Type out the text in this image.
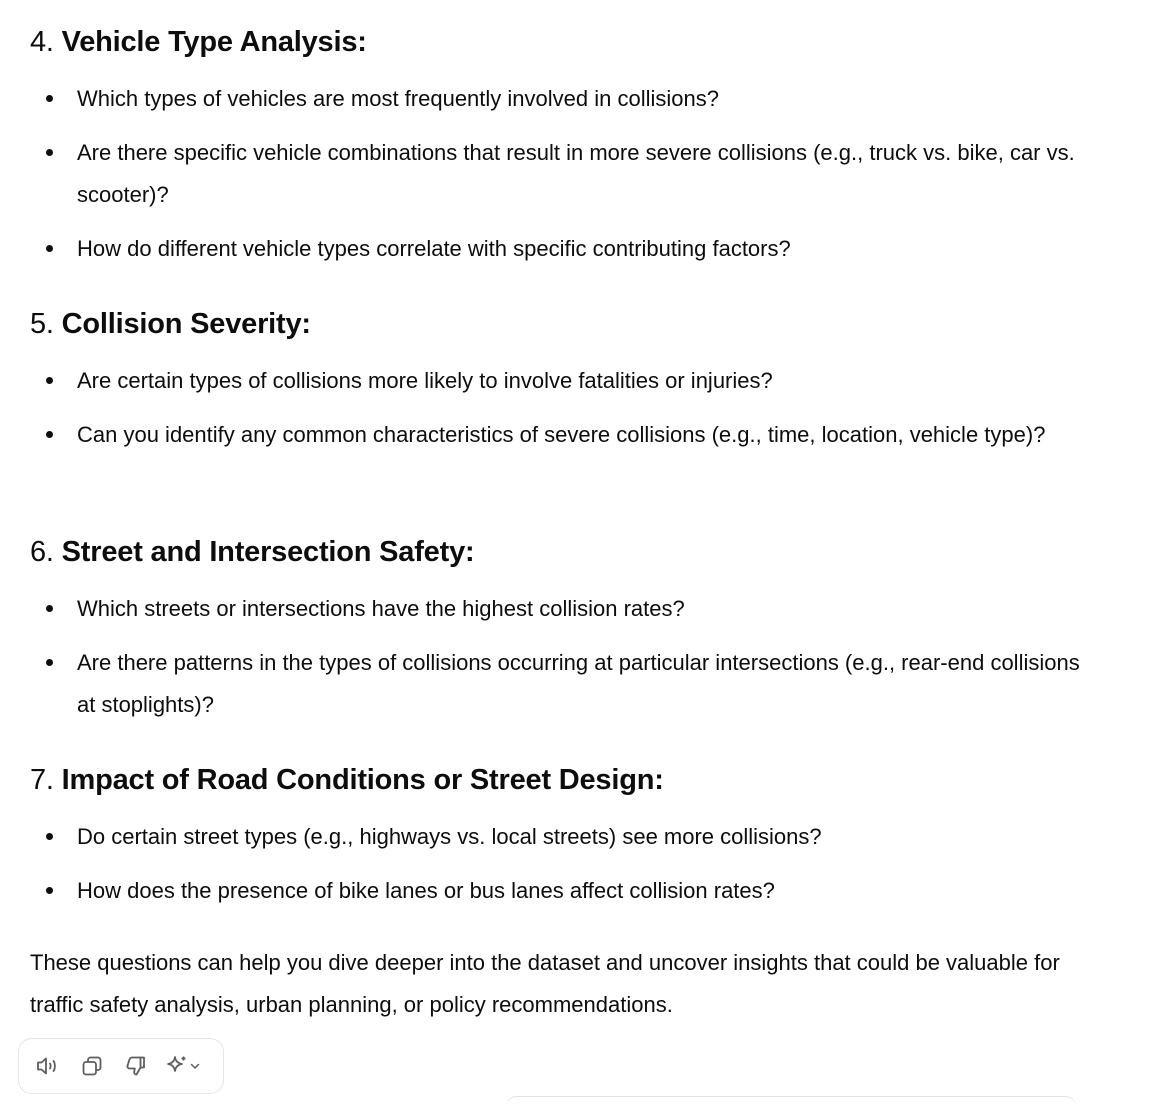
4. Vehicle Type Analysis:
Which types of vehicles are most frequently involved in collisions?
Are there specific vehicle combinations that result in more severe collisions (e.g., truck vs. bike, car vs. scooter)?
How do different vehicle types correlate with specific contributing factors?
5. Collision Severity:
Are certain types of collisions more likely to involve fatalities or injuries?
Can you identify any common characteristics of severe collisions (e.g., time, location, vehicle type)?
6. Street and Intersection Safety:
Which streets or intersections have the highest collision rates?
Are there patterns in the types of collisions occurring at particular intersections (e.g., rear-end collisions at stoplights)?
7. Impact of Road Conditions or Street Design:
Do certain street types (e.g., highways vs. local streets) see more collisions?
How does the presence of bike lanes or bus lanes affect collision rates?

These questions can help you dive deeper into the dataset and uncover insights that could be valuable for traffic safety analysis, urban planning, or policy recommendations.
